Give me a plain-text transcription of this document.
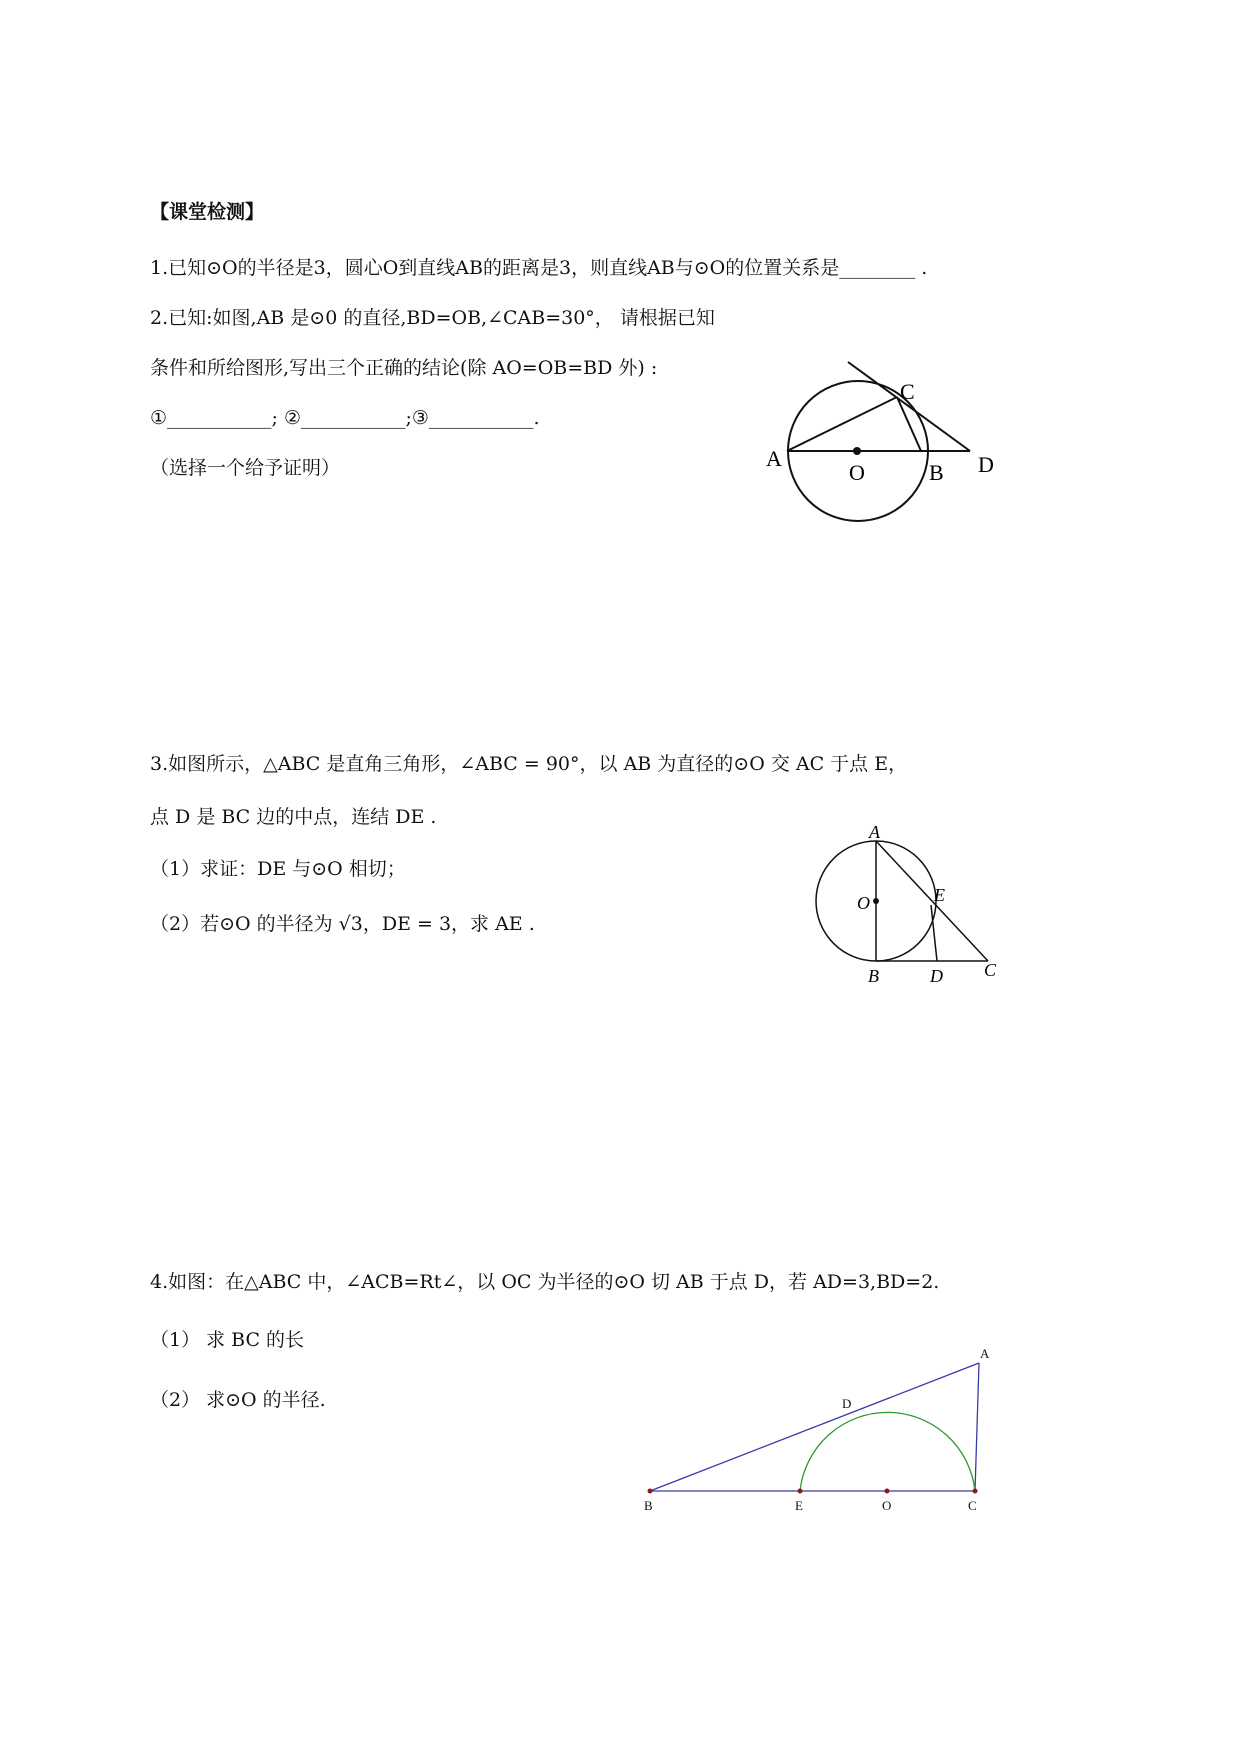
【课堂检测】
1.已知⊙O的半径是3，圆心O到直线AB的距离是3，则直线AB与⊙O的位置关系是________ .
2.已知:如图,AB 是⊙0 的直径,BD=OB,∠CAB=30°， 请根据已知
条件和所给图形,写出三个正确的结论(除 AO=OB=BD 外) :
①___________; ②___________;③___________.
（选择一个给予证明）	A
O	B D
C
3.如图所示，△ABC 是直角三角形，∠ABC = 90°，以 AB 为直径的⊙O 交 AC 于点 E，
点 D 是 BC 边的中点，连结 DE .
（1）求证：DE 与⊙O 相切；
（2）若⊙O 的半径为 √3，DE = 3，求 AE .
A
O	E
B	D C
4.如图：在△ABC 中，∠ACB=Rt∠，以 OC 为半径的⊙O 切 AB 于点 D，若 AD=3,BD=2.
（1） 求 BC 的长
（2） 求⊙O 的半径.
A
D
B	E	O	C
